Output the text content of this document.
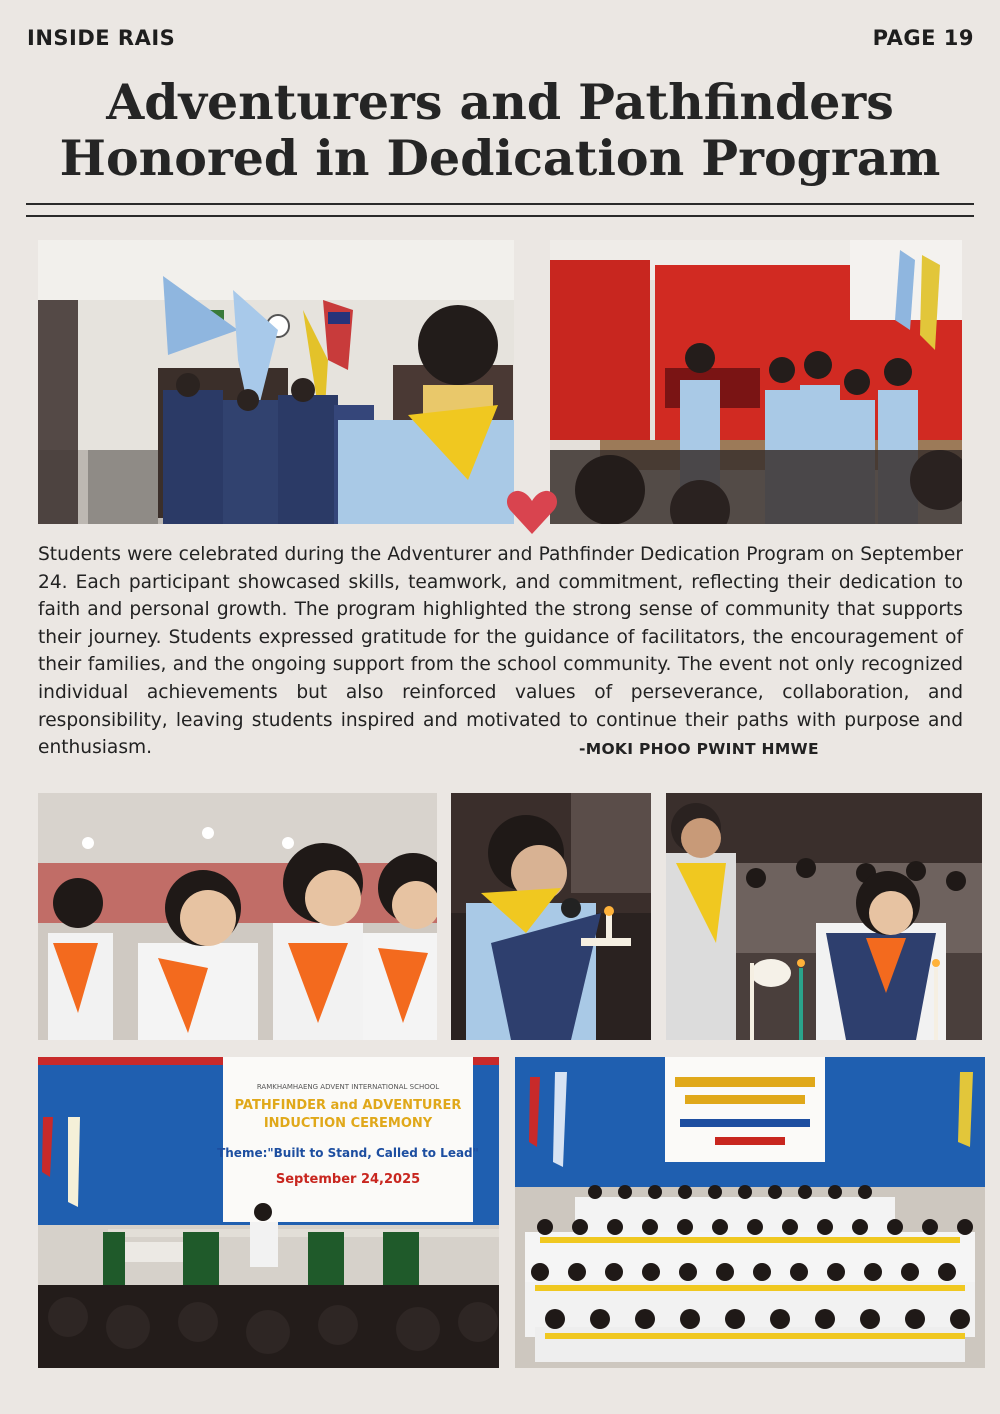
INSIDE RAIS	PAGE 19
Adventurers and Pathfinders
Honored in Dedication Program

Students were celebrated during the Adventurer and Pathfinder Dedication Program on September 24. Each participant showcased skills, teamwork, and commitment, reflecting their dedication to faith and personal growth. The program highlighted the strong sense of community that supports their journey. Students expressed gratitude for the guidance of facilitators, the encouragement of their families, and the ongoing support from the school community. The event not only recognized individual achievements but also reinforced values of perseverance, collaboration, and responsibility, leaving students inspired and motivated to continue their paths with purpose and enthusiasm.	-MOKI PHOO PWINT HMWE
RAMKHAMHAENG ADVENT INTERNATIONAL SCHOOL
PATHFINDER and ADVENTURER
INDUCTION CEREMONY
Theme:"Built to Stand, Called to Lead"
September 24,2025
